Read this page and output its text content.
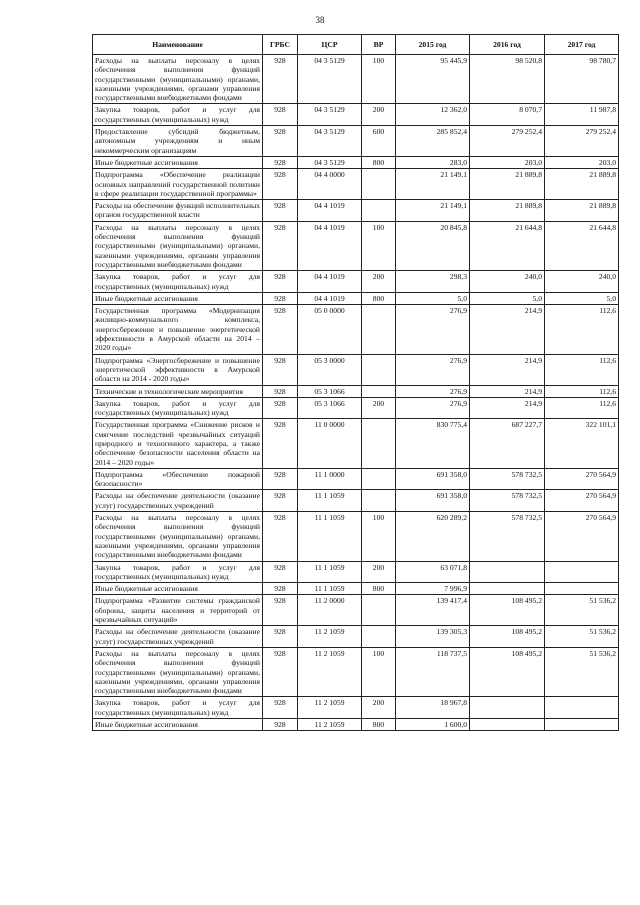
38
Наименование	ГРБС	ЦСР	ВР	2015 год	2016 год	2017 год
Расходы на выплаты персоналу в целях обеспечения выполнения функций государственными (муниципальными) органами, казенными учреждениями, органами управления государственными внебюджетными фондами	928	04 3 5129	100	95 445,9	98 520,8	98 780,7
Закупка товаров, работ и услуг для государственных (муниципальных) нужд	928	04 3 5129	200	12 362,0	8 070,7	11 987,8
Предоставление субсидий бюджетным, автономным учреждениям и иным некоммерческим организациям	928	04 3 5129	600	285 852,4	279 252,4	279 252,4
Иные бюджетные ассигнования	928	04 3 5129	800	283,0	203,0	203,0
Подпрограмма «Обеспечение реализации основных направлений государственной политики в сфере реализации государственной программы»	928	04 4 0000		21 149,1	21 889,8	21 889,8
Расходы на обеспечение функций исполнительных органов государственной власти	928	04 4 1019		21 149,1	21 889,8	21 889,8
Расходы на выплаты персоналу в целях обеспечения выполнения функций государственными (муниципальными) органами, казенными учреждениями, органами управления государственными внебюджетными фондами	928	04 4 1019	100	20 845,8	21 644,8	21 644,8
Закупка товаров, работ и услуг для государственных (муниципальных) нужд	928	04 4 1019	200	298,3	240,0	240,0
Иные бюджетные ассигнования	928	04 4 1019	800	5,0	5,0	5,0
Государственная программа «Модернизация жилищно-коммунального комплекса, энергосбережение и повышение энергетической эффективности в Амурской области на 2014 – 2020 годы»	928	05 0 0000		276,9	214,9	112,6
Подпрограмма «Энергосбережение и повышение энергетической эффективности в Амурской области на 2014 - 2020 годы»	928	05 3 0000		276,9	214,9	112,6
Технические и технологические мероприятия	928	05 3 1066		276,9	214,9	112,6
Закупка товаров, работ и услуг для государственных (муниципальных) нужд	928	05 3 1066	200	276,9	214,9	112,6
Государственная программа «Снижение рисков и смягчение последствий чрезвычайных ситуаций природного и техногенного характера, а также обеспечение безопасности населения области на 2014 – 2020 годы»	928	11 0 0000		830 775,4	687 227,7	322 101,1
Подпрограмма «Обеспечение пожарной безопасности»	928	11 1 0000		691 358,0	578 732,5	270 564,9
Расходы на обеспечение деятельности (оказание услуг) государственных учреждений	928	11 1 1059		691 358,0	578 732,5	270 564,9
Расходы на выплаты персоналу в целях обеспечения выполнения функций государственными (муниципальными) органами, казенными учреждениями, органами управления государственными внебюджетными фондами	928	11 1 1059	100	620 289,2	578 732,5	270 564,9
Закупка товаров, работ и услуг для государственных (муниципальных) нужд	928	11 1 1059	200	63 071,8		
Иные бюджетные ассигнования	928	11 1 1059	800	7 996,9		
Подпрограмма «Развитие системы гражданской обороны, защиты населения и территорий от чрезвычайных ситуаций»	928	11 2 0000		139 417,4	108 495,2	51 536,2
Расходы на обеспечение деятельности (оказание услуг) государственных учреждений	928	11 2 1059		139 305,3	108 495,2	51 536,2
Расходы на выплаты персоналу в целях обеспечения выполнения функций государственными (муниципальными) органами, казенными учреждениями, органами управления государственными внебюджетными фондами	928	11 2 1059	100	118 737,5	108 495,2	51 536,2
Закупка товаров, работ и услуг для государственных (муниципальных) нужд	928	11 2 1059	200	18 967,8		
Иные бюджетные ассигнования	928	11 2 1059	800	1 600,0		
